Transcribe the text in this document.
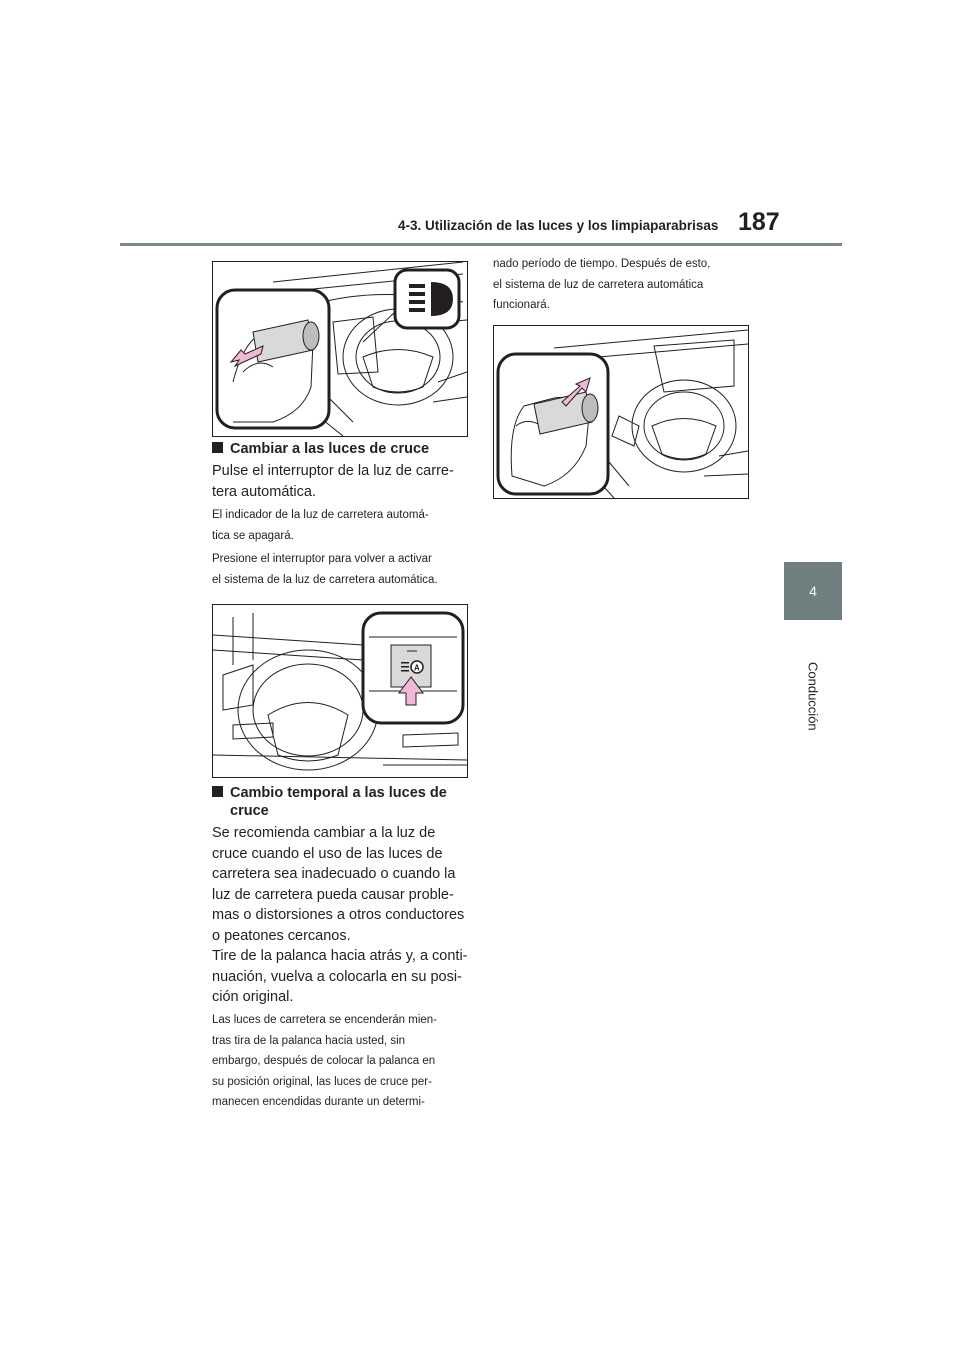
4-3. Utilización de las luces y los limpiaparabrisas 187
4
Conducción
Cambiar a las luces de cruce

Pulse el interruptor de la luz de carre-

tera automática.

El indicador de la luz de carretera automá-

tica se apagará.

Presione el interruptor para volver a activar

el sistema de la luz de carretera automática.

A

Cambio temporal a las luces de

cruce

Se recomienda cambiar a la luz de

cruce cuando el uso de las luces de

carretera sea inadecuado o cuando la

luz de carretera pueda causar proble-

mas o distorsiones a otros conductores

o peatones cercanos.

Tire de la palanca hacia atrás y, a conti-

nuación, vuelva a colocarla en su posi-

ción original.

Las luces de carretera se encenderán mien-

tras tira de la palanca hacia usted, sin

embargo, después de colocar la palanca en

su posición original, las luces de cruce per-

manecen encendidas durante un determi-

nado período de tiempo. Después de esto,

el sistema de luz de carretera automática

funcionará.
